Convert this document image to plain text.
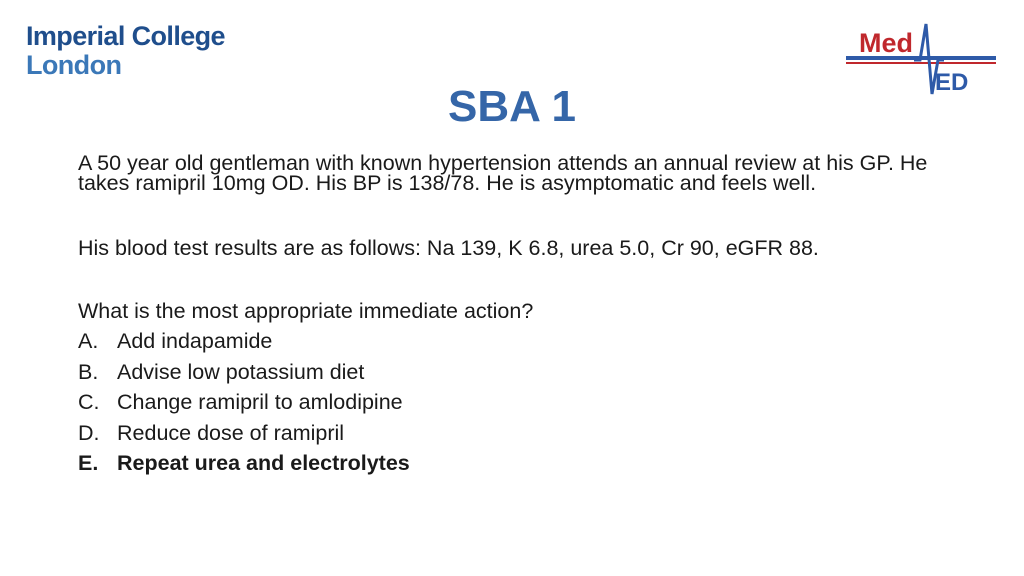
Imperial College
London
Med
ED
SBA 1

A 50 year old gentleman with known hypertension attends an annual review at his GP. He takes ramipril 10mg OD. His BP is 138/78. He is asymptomatic and feels well.

His blood test results are as follows: Na 139, K 6.8, urea 5.0, Cr 90, eGFR 88.

What is the most appropriate immediate action?

A. Add indapamide
B. Advise low potassium diet
C. Change ramipril to amlodipine
D. Reduce dose of ramipril
E. Repeat urea and electrolytes
